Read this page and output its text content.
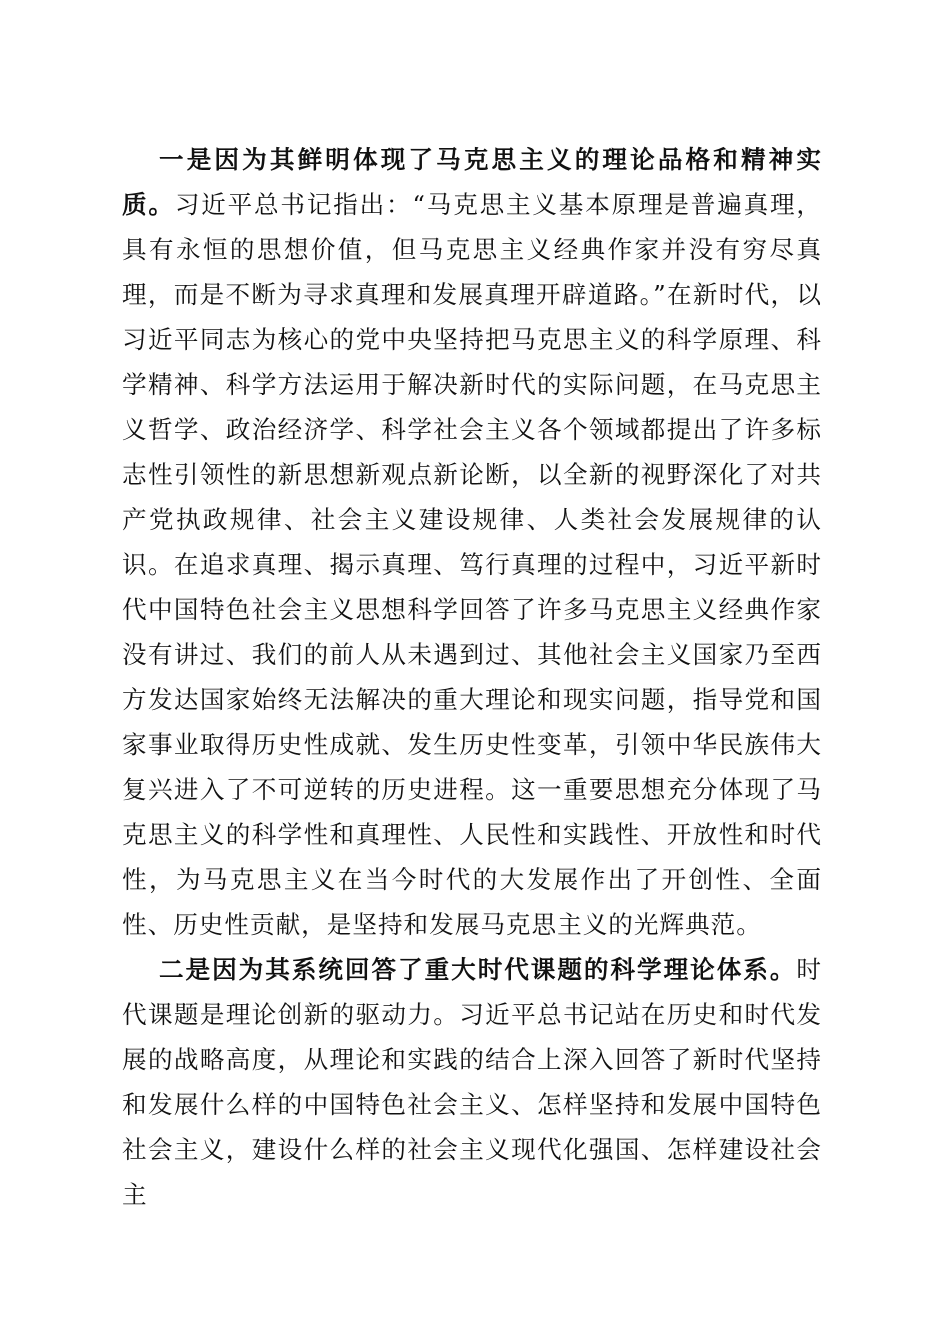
一是因为其鲜明体现了马克思主义的理论品格和精神实质。习近平总书记指出：“马克思主义基本原理是普遍真理，具有永恒的思想价值，但马克思主义经典作家并没有穷尽真理，而是不断为寻求真理和发展真理开辟道路。”在新时代，以习近平同志为核心的党中央坚持把马克思主义的科学原理、科学精神、科学方法运用于解决新时代的实际问题，在马克思主义哲学、政治经济学、科学社会主义各个领域都提出了许多标志性引领性的新思想新观点新论断，以全新的视野深化了对共产党执政规律、社会主义建设规律、人类社会发展规律的认识。在追求真理、揭示真理、笃行真理的过程中，习近平新时代中国特色社会主义思想科学回答了许多马克思主义经典作家没有讲过、我们的前人从未遇到过、其他社会主义国家乃至西方发达国家始终无法解决的重大理论和现实问题，指导党和国家事业取得历史性成就、发生历史性变革，引领中华民族伟大复兴进入了不可逆转的历史进程。这一重要思想充分体现了马克思主义的科学性和真理性、人民性和实践性、开放性和时代性，为马克思主义在当今时代的大发展作出了开创性、全面性、历史性贡献，是坚持和发展马克思主义的光辉典范。

二是因为其系统回答了重大时代课题的科学理论体系。时代课题是理论创新的驱动力。习近平总书记站在历史和时代发展的战略高度，从理论和实践的结合上深入回答了新时代坚持和发展什么样的中国特色社会主义、怎样坚持和发展中国特色社会主义，建设什么样的社会主义现代化强国、怎样建设社会主
